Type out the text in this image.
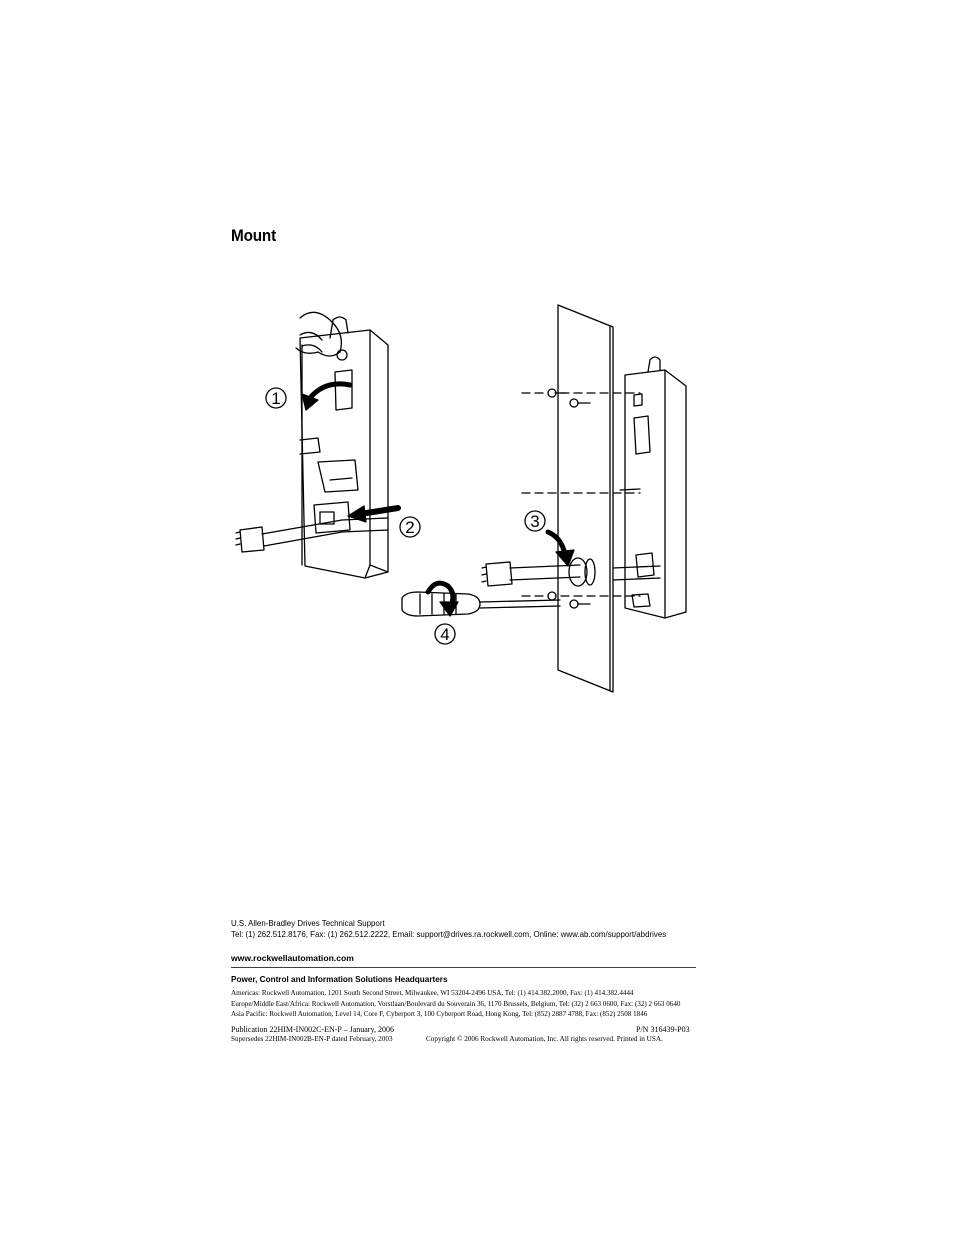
Mount
1
2	3
4
U.S. Allen-Bradley Drives Technical Support
Tel: (1) 262.512.8176, Fax: (1) 262.512.2222, Email: support@drives.ra.rockwell.com, Online: www.ab.com/support/abdrives
www.rockwellautomation.com
Power, Control and Information Solutions Headquarters
Americas: Rockwell Automation, 1201 South Second Street, Milwaukee, WI 53204-2496 USA, Tel: (1) 414.382.2000, Fax: (1) 414.382.4444
Europe/Middle East/Africa: Rockwell Automation, Vorstlaan/Boulevard du Souverain 36, 1170 Brussels, Belgium, Tel: (32) 2 663 0600, Fax: (32) 2 663 0640
Asia Pacific: Rockwell Automation, Level 14, Core F, Cyberport 3, 100 Cyberport Road, Hong Kong, Tel: (852) 2887 4788, Fax: (852) 2508 1846
Publication 22HIM-IN002C-EN-P – January, 2006	P/N 316439-P03
Supersedes 22HIM-IN002B-EN-P dated February, 2003	Copyright © 2006 Rockwell Automation, Inc. All rights reserved. Printed in USA.
